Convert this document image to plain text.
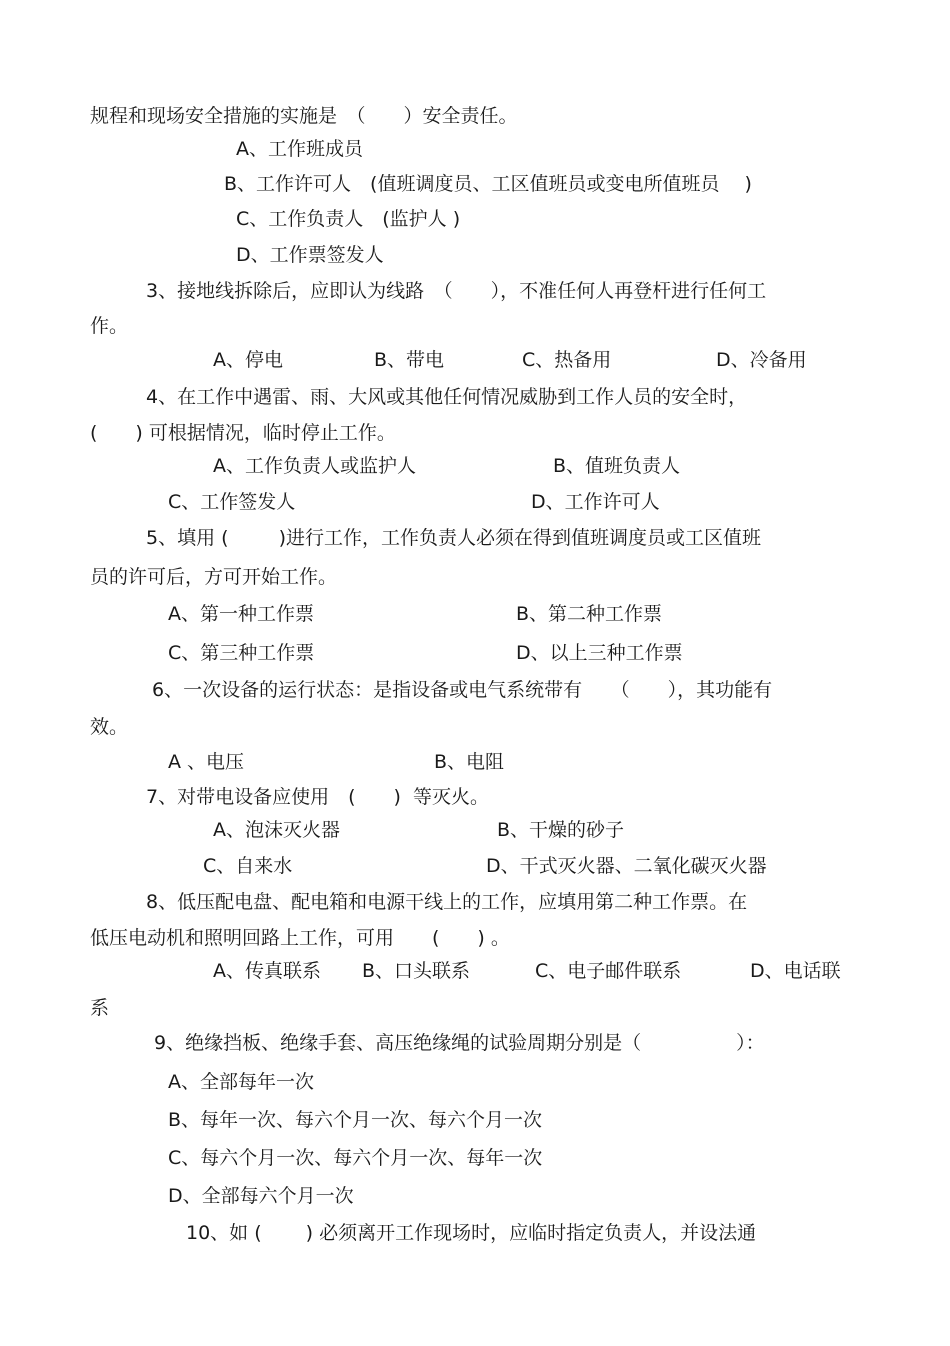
规程和现场安全措施的实施是　（　　）安全责任。

A、工作班成员

B、工作许可人　(值班调度员、工区值班员或变电所值班员　 )

C、工作负责人　(监护人 )

D、工作票签发人

3、接地线拆除后，应即认为线路　（　　），不准任何人再登杆进行任何工

作。

A、停电	B、带电	C、热备用	D、冷备用

4、在工作中遇雷、雨、大风或其他任何情况威胁到工作人员的安全时，

(　　) 可根据情况，临时停止工作。

A、工作负责人或监护人	B、值班负责人

C、工作签发人	D、工作许可人

5、填用 (　　  )进行工作，工作负责人必须在得到值班调度员或工区值班

员的许可后，方可开始工作。

A、第一种工作票	B、第二种工作票

C、第三种工作票	D、以上三种工作票

6、一次设备的运行状态：是指设备或电气系统带有　　（　　），其功能有

效。

A 、电压	B、电阻

7、对带电设备应使用　(　　)  等灭火。

A、泡沫灭火器	B、干燥的砂子

C、自来水	D、干式灭火器、二氧化碳灭火器

8、低压配电盘、配电箱和电源干线上的工作，应填用第二种工作票。在

低压电动机和照明回路上工作，可用　　(　　) 。

A、传真联系 B、口头联系	C、电子邮件联系	D、电话联

系

9、绝缘挡板、绝缘手套、高压绝缘绳的试验周期分别是（　　　　　）：

A、全部每年一次

B、每年一次、每六个月一次、每六个月一次

C、每六个月一次、每六个月一次、每年一次

D、全部每六个月一次

10、如 (　　 ) 必须离开工作现场时，应临时指定负责人，并设法通
